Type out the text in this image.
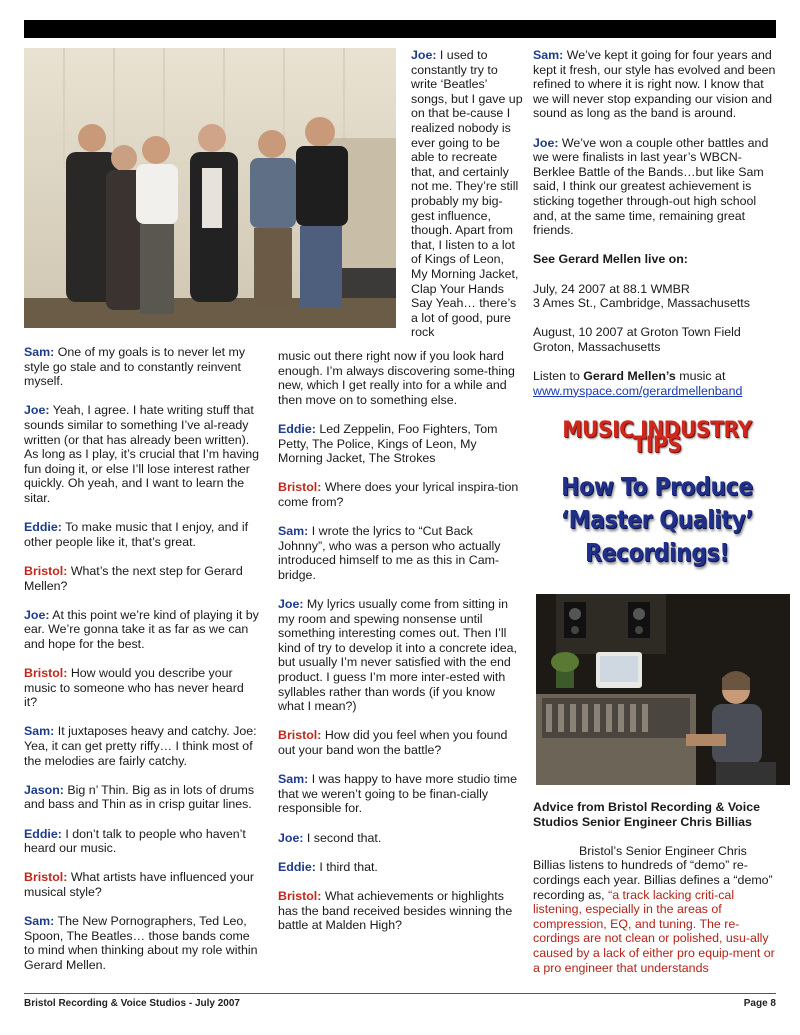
Joe: I used to constantly try to write ‘Beatles’ songs, but I gave up on that be-cause I realized nobody is ever going to be able to recreate that, and certainly not me. They’re still probably my big-gest influence, though. Apart from that, I listen to a lot of Kings of Leon, My Morning Jacket, Clap Your Hands Say Yeah… there’s a lot of good, pure rock

Sam: One of my goals is to never let my style go stale and to constantly reinvent myself.

Joe: Yeah, I agree. I hate writing stuff that sounds similar to something I’ve al-ready written (or that has already been written). As long as I play, it’s crucial that I’m having fun doing it, or else I’ll lose interest rather quickly. Oh yeah, and I want to learn the sitar.

Eddie: To make music that I enjoy, and if other people like it, that’s great.

Bristol: What’s the next step for Gerard Mellen?

Joe: At this point we’re kind of playing it by ear. We’re gonna take it as far as we can and hope for the best.

Bristol: How would you describe your music to someone who has never heard it?

Sam: It juxtaposes heavy and catchy. Joe: Yea, it can get pretty riffy… I think most of the melodies are fairly catchy.

Jason: Big n’ Thin. Big as in lots of drums and bass and Thin as in crisp guitar lines.

Eddie: I don’t talk to people who haven’t heard our music.

Bristol: What artists have influenced your musical style?

Sam: The New Pornographers, Ted Leo, Spoon, The Beatles… those bands come to mind when thinking about my role within Gerard Mellen.

music out there right now if you look hard enough. I’m always discovering some-thing new, which I get really into for a while and then move on to something else.

Eddie: Led Zeppelin, Foo Fighters, Tom Petty, The Police, Kings of Leon, My Morning Jacket, The Strokes

Bristol: Where does your lyrical inspira-tion come from?

Sam: I wrote the lyrics to “Cut Back Johnny”, who was a person who actually introduced himself to me as this in Cam-bridge.

Joe: My lyrics usually come from sitting in my room and spewing nonsense until something interesting comes out. Then I’ll kind of try to develop it into a concrete idea, but usually I’m never satisfied with the end product. I guess I’m more inter-ested with syllables rather than words (if you know what I mean?)

Bristol: How did you feel when you found out your band won the battle?

Sam: I was happy to have more studio time that we weren’t going to be finan-cially responsible for.

Joe: I second that.

Eddie: I third that.

Bristol: What achievements or highlights has the band received besides winning the battle at Malden High?

Sam: We’ve kept it going for four years and kept it fresh, our style has evolved and been refined to where it is right now. I know that we will never stop expanding our vision and sound as long as the band is around.

Joe: We’ve won a couple other battles and we were finalists in last year’s WBCN-Berklee Battle of the Bands…but like Sam said, I think our greatest achievement is sticking together through-out high school and, at the same time, remaining great friends.

See Gerard Mellen live on:

July, 24 2007 at 88.1 WMBR

3 Ames St., Cambridge, Massachusetts

August, 10 2007 at Groton Town Field

Groton, Massachusetts

Listen to Gerard Mellen’s music at

www.myspace.com/gerardmellenband

MUSIC INDUSTRY TIPS
How To Produce
‘Master Quality’
Recordings!

Advice from Bristol Recording & Voice Studios Senior Engineer Chris Billias

Bristol’s Senior Engineer Chris Billias listens to hundreds of “demo” re-cordings each year. Billias defines a “demo” recording as, “a track lacking criti-cal listening, especially in the areas of compression, EQ, and tuning. The re-cordings are not clean or polished, usu-ally caused by a lack of either pro equip-ment or a pro engineer that understands

Bristol Recording & Voice Studios - July 2007	Page 8
